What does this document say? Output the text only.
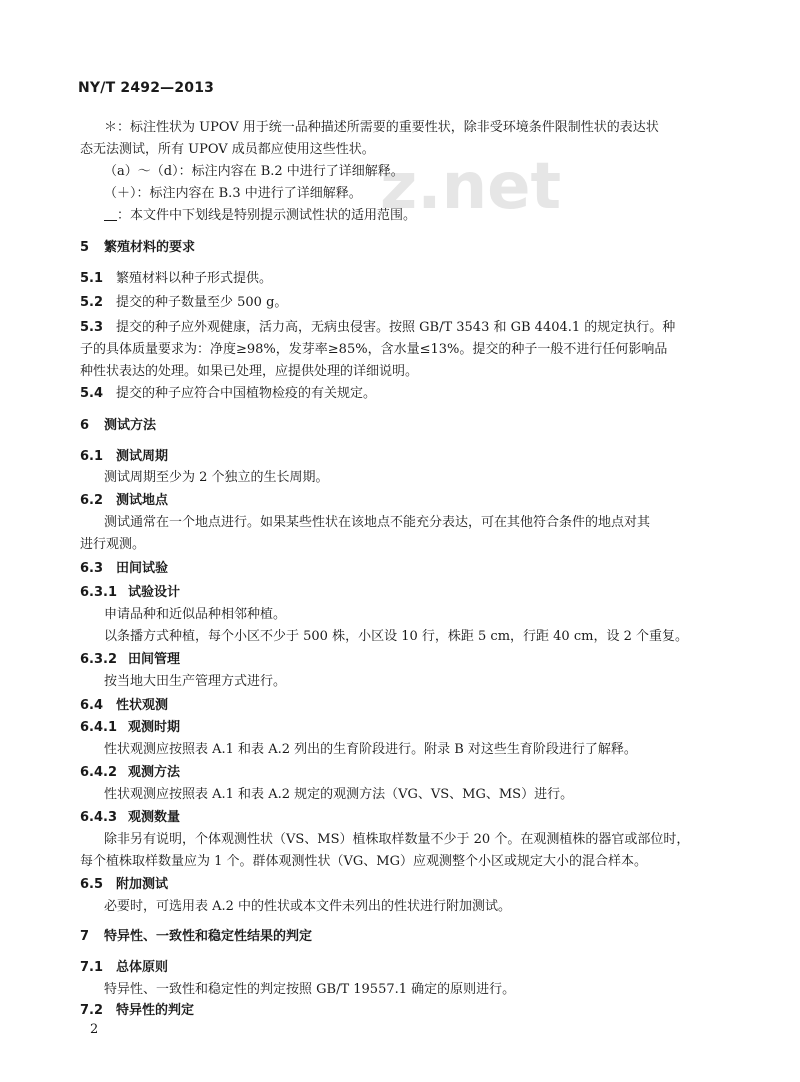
NY/T 2492—2013
z.net
＊：标注性状为 UPOV 用于统一品种描述所需要的重要性状，除非受环境条件限制性状的表达状
态无法测试，所有 UPOV 成员都应使用这些性状。
（a）～（d）：标注内容在 B.2 中进行了详细解释。
（＋）：标注内容在 B.3 中进行了详细解释。
＿：本文件中下划线是特别提示测试性状的适用范围。
5 繁殖材料的要求
5.1 繁殖材料以种子形式提供。
5.2 提交的种子数量至少 500 g。
5.3 提交的种子应外观健康，活力高，无病虫侵害。按照 GB/T 3543 和 GB 4404.1 的规定执行。种
子的具体质量要求为：净度≥98%，发芽率≥85%，含水量≤13%。提交的种子一般不进行任何影响品
种性状表达的处理。如果已处理，应提供处理的详细说明。
5.4 提交的种子应符合中国植物检疫的有关规定。
6 测试方法
6.1 测试周期
测试周期至少为 2 个独立的生长周期。
6.2 测试地点
测试通常在一个地点进行。如果某些性状在该地点不能充分表达，可在其他符合条件的地点对其
进行观测。
6.3 田间试验
6.3.1 试验设计
申请品种和近似品种相邻种植。
以条播方式种植，每个小区不少于 500 株，小区设 10 行，株距 5 cm，行距 40 cm，设 2 个重复。
6.3.2 田间管理
按当地大田生产管理方式进行。
6.4 性状观测
6.4.1 观测时期
性状观测应按照表 A.1 和表 A.2 列出的生育阶段进行。附录 B 对这些生育阶段进行了解释。
6.4.2 观测方法
性状观测应按照表 A.1 和表 A.2 规定的观测方法（VG、VS、MG、MS）进行。
6.4.3 观测数量
除非另有说明，个体观测性状（VS、MS）植株取样数量不少于 20 个。在观测植株的器官或部位时，
每个植株取样数量应为 1 个。群体观测性状（VG、MG）应观测整个小区或规定大小的混合样本。
6.5 附加测试
必要时，可选用表 A.2 中的性状或本文件未列出的性状进行附加测试。
7 特异性、一致性和稳定性结果的判定
7.1 总体原则
特异性、一致性和稳定性的判定按照 GB/T 19557.1 确定的原则进行。
7.2 特异性的判定
2
